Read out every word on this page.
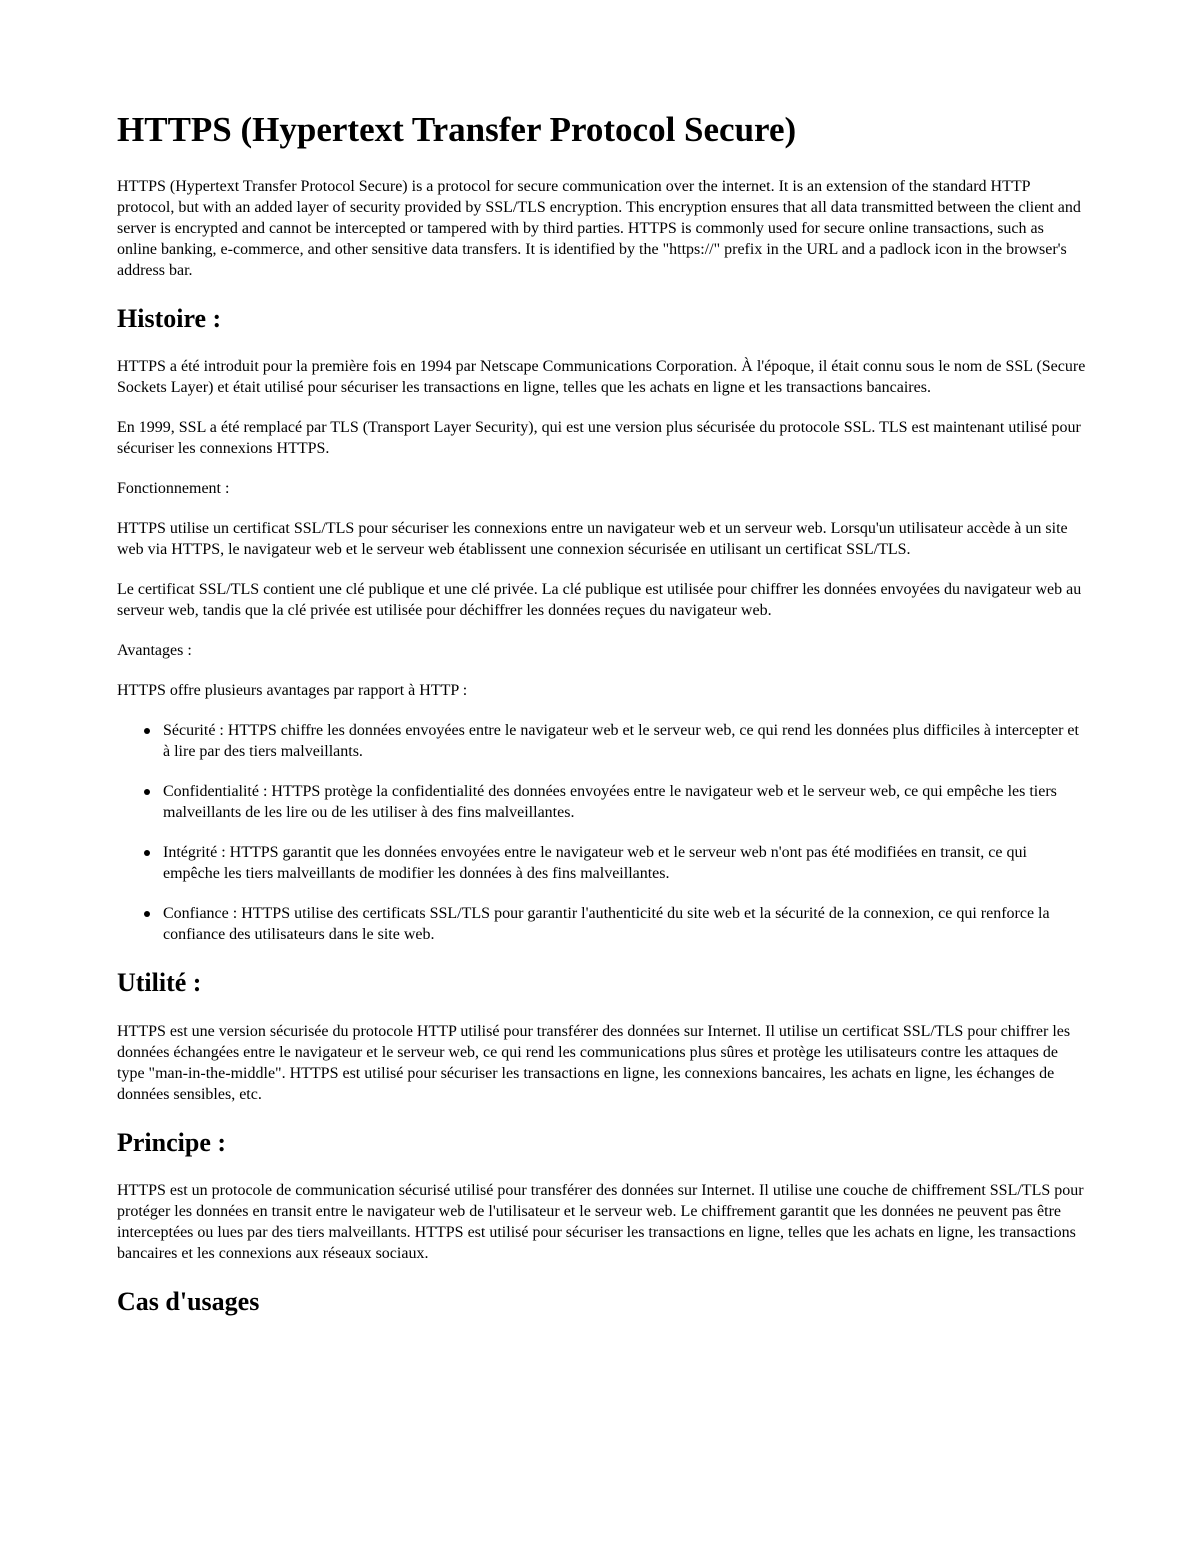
HTTPS (Hypertext Transfer Protocol Secure)

HTTPS (Hypertext Transfer Protocol Secure) is a protocol for secure communication over the internet. It is an extension of the standard HTTP protocol, but with an added layer of security provided by SSL/TLS encryption. This encryption ensures that all data transmitted between the client and server is encrypted and cannot be intercepted or tampered with by third parties. HTTPS is commonly used for secure online transactions, such as online banking, e-commerce, and other sensitive data transfers. It is identified by the "https://" prefix in the URL and a padlock icon in the browser's address bar.

Histoire :

HTTPS a été introduit pour la première fois en 1994 par Netscape Communications Corporation. À l'époque, il était connu sous le nom de SSL (Secure Sockets Layer) et était utilisé pour sécuriser les transactions en ligne, telles que les achats en ligne et les transactions bancaires.

En 1999, SSL a été remplacé par TLS (Transport Layer Security), qui est une version plus sécurisée du protocole SSL. TLS est maintenant utilisé pour sécuriser les connexions HTTPS.

Fonctionnement :

HTTPS utilise un certificat SSL/TLS pour sécuriser les connexions entre un navigateur web et un serveur web. Lorsqu'un utilisateur accède à un site web via HTTPS, le navigateur web et le serveur web établissent une connexion sécurisée en utilisant un certificat SSL/TLS.

Le certificat SSL/TLS contient une clé publique et une clé privée. La clé publique est utilisée pour chiffrer les données envoyées du navigateur web au serveur web, tandis que la clé privée est utilisée pour déchiffrer les données reçues du navigateur web.

Avantages :

HTTPS offre plusieurs avantages par rapport à HTTP :

Sécurité : HTTPS chiffre les données envoyées entre le navigateur web et le serveur web, ce qui rend les données plus difficiles à intercepter et à lire par des tiers malveillants.
Confidentialité : HTTPS protège la confidentialité des données envoyées entre le navigateur web et le serveur web, ce qui empêche les tiers malveillants de les lire ou de les utiliser à des fins malveillantes.
Intégrité : HTTPS garantit que les données envoyées entre le navigateur web et le serveur web n'ont pas été modifiées en transit, ce qui empêche les tiers malveillants de modifier les données à des fins malveillantes.
Confiance : HTTPS utilise des certificats SSL/TLS pour garantir l'authenticité du site web et la sécurité de la connexion, ce qui renforce la confiance des utilisateurs dans le site web.
Utilité :

HTTPS est une version sécurisée du protocole HTTP utilisé pour transférer des données sur Internet. Il utilise un certificat SSL/TLS pour chiffrer les données échangées entre le navigateur et le serveur web, ce qui rend les communications plus sûres et protège les utilisateurs contre les attaques de type "man-in-the-middle". HTTPS est utilisé pour sécuriser les transactions en ligne, les connexions bancaires, les achats en ligne, les échanges de données sensibles, etc.

Principe :

HTTPS est un protocole de communication sécurisé utilisé pour transférer des données sur Internet. Il utilise une couche de chiffrement SSL/TLS pour protéger les données en transit entre le navigateur web de l'utilisateur et le serveur web. Le chiffrement garantit que les données ne peuvent pas être interceptées ou lues par des tiers malveillants. HTTPS est utilisé pour sécuriser les transactions en ligne, telles que les achats en ligne, les transactions bancaires et les connexions aux réseaux sociaux.

Cas d'usages
